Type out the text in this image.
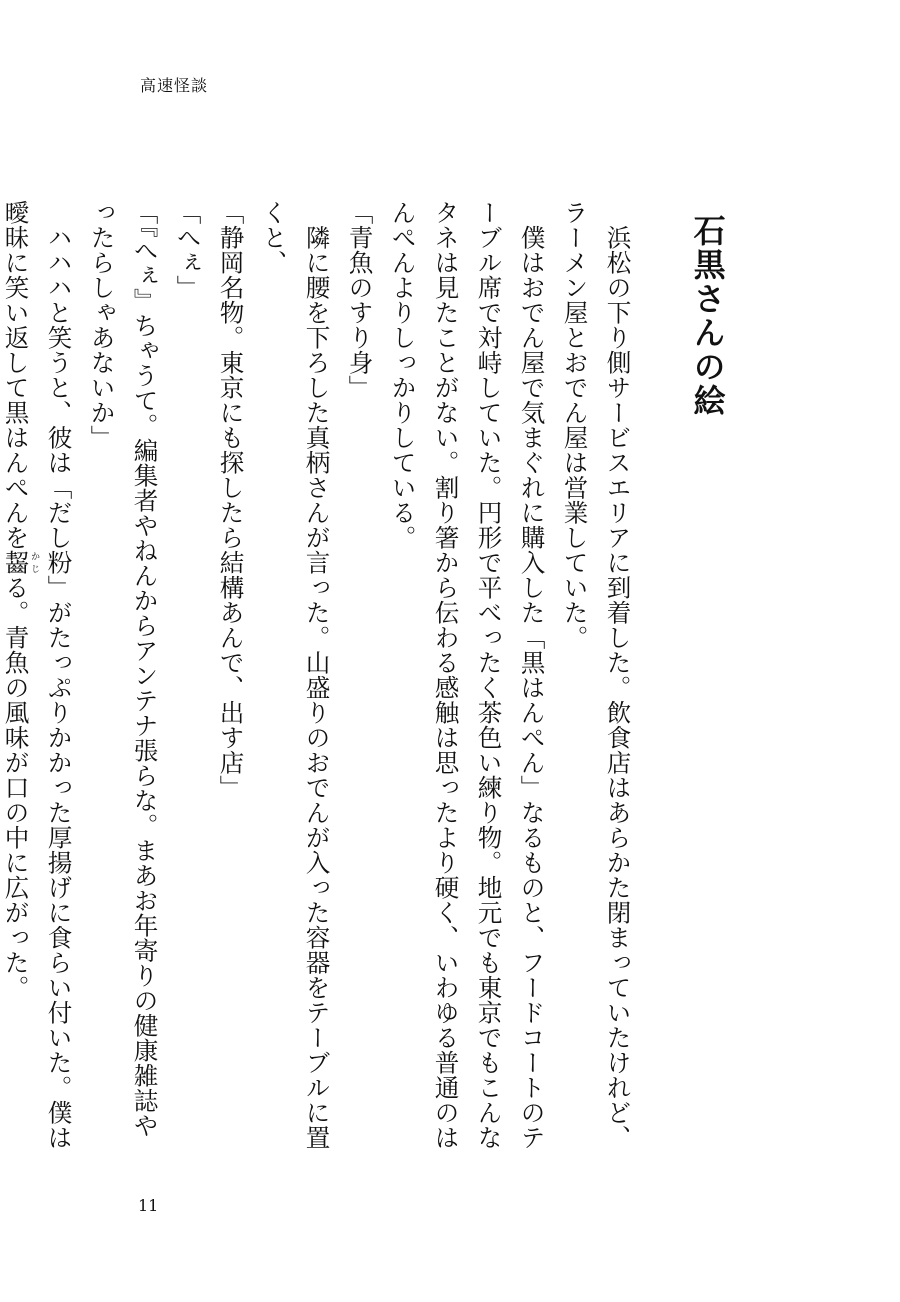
高速怪談
石黒さんの絵

浜松の下り側サービスエリアに到着した。飲食店はあらかた閉まっていたけれど、ラーメン屋とおでん屋は営業していた。

僕はおでん屋で気まぐれに購入した「黒はんぺん」なるものと、フードコートのテーブル席で対峙していた。円形で平べったく茶色い練り物。地元でも東京でもこんなタネは見たことがない。割り箸から伝わる感触は思ったより硬く、いわゆる普通のはんぺんよりしっかりしている。

「青魚のすり身」

隣に腰を下ろした真柄さんが言った。山盛りのおでんが入った容器をテーブルに置くと、

「静岡名物。東京にも探したら結構あんで、出す店」

「へぇ」

「『へぇ』ちゃうて。編集者やねんからアンテナ張らな。まあお年寄りの健康雑誌やったらしゃあないか」

ハハハと笑うと、彼は「だし粉」がたっぷりかかった厚揚げに食らい付いた。僕は曖昧に笑い返して黒はんぺんを齧かじる。青魚の風味が口の中に広がった。

11
